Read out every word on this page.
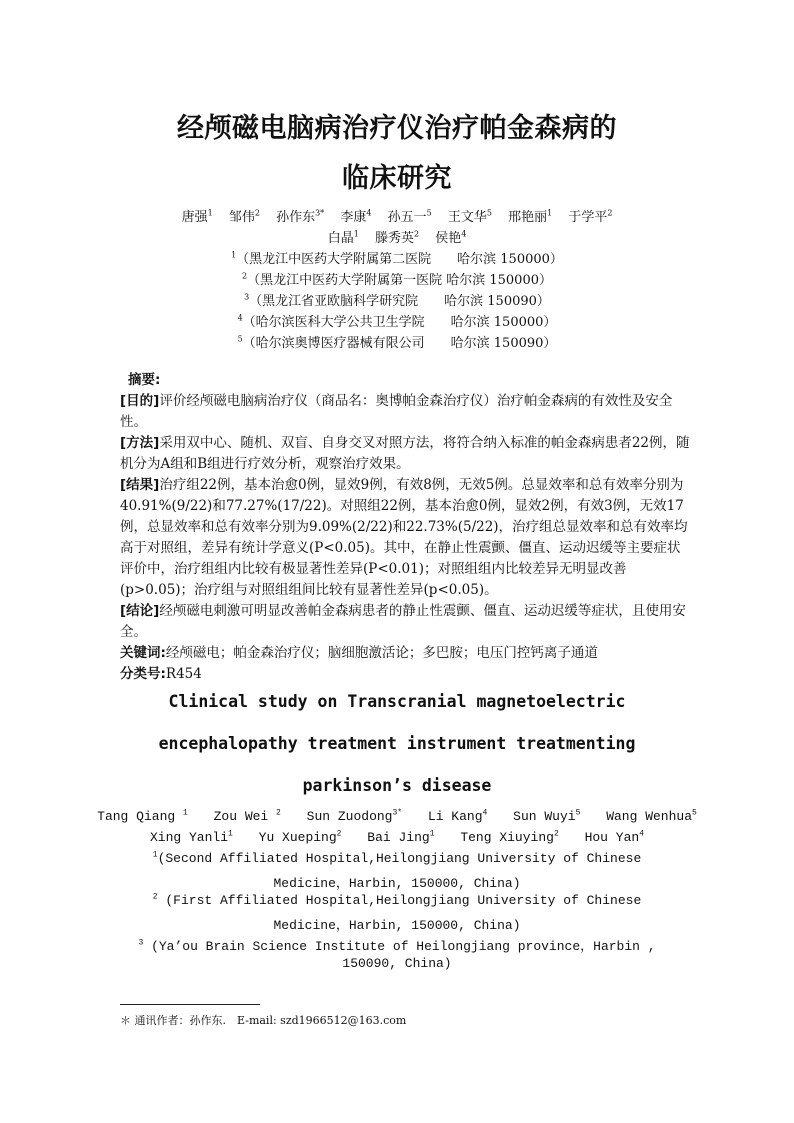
经颅磁电脑病治疗仪治疗帕金森病的
临床研究
唐强$^1$ 邹伟$^2$ 孙作东$^{3*}$ 李康$^4$ 孙五一$^5$ 王文华$^5$ 邢艳丽$^1$ 于学平$^2$
白晶$^1$ 滕秀英$^2$ 侯艳$^4$
$^1$（黑龙江中医药大学附属第二医院　　哈尔滨 150000）
$^2$（黑龙江中医药大学附属第一医院 哈尔滨 150000）
$^3$（黑龙江省亚欧脑科学研究院　　哈尔滨 150090）
$^4$（哈尔滨医科大学公共卫生学院　　哈尔滨 150000）
$^5$（哈尔滨奥博医疗器械有限公司　　哈尔滨 150090）

摘要:

[目的]评价经颅磁电脑病治疗仪（商品名：奥博帕金森治疗仪）治疗帕金森病的有效性及安全性。

[方法]采用双中心、随机、双盲、自身交叉对照方法，将符合纳入标准的帕金森病患者22例，随机分为A组和B组进行疗效分析，观察治疗效果。

[结果]治疗组22例，基本治愈0例，显效9例，有效8例，无效5例。总显效率和总有效率分别为40.91%(9/22)和77.27%(17/22)。对照组22例，基本治愈0例，显效2例，有效3例，无效17例，总显效率和总有效率分别为9.09%(2/22)和22.73%(5/22)，治疗组总显效率和总有效率均高于对照组，差异有统计学意义(P<0.05)。其中，在静止性震颤、僵直、运动迟缓等主要症状评价中，治疗组组内比较有极显著性差异(P<0.01)；对照组组内比较差异无明显改善(p>0.05)；治疗组与对照组组间比较有显著性差异(p<0.05)。

[结论]经颅磁电刺激可明显改善帕金森病患者的静止性震颤、僵直、运动迟缓等症状，且使用安全。

关键词:经颅磁电；帕金森治疗仪；脑细胞激活论；多巴胺；电压门控钙离子通道

分类号:R454

Clinical study on Transcranial magnetoelectric
encephalopathy treatment instrument treatmenting
parkinson’s disease
Tang Qiang $^1$ Zou Wei $^2$ Sun Zuodong$^{3*}$ Li Kang$^4$ Sun Wuyi$^5$ Wang Wenhua$^5$
Xing Yanli$^1$ Yu Xueping$^2$ Bai Jing$^1$ Teng Xiuying$^2$ Hou Yan$^4$
$^1$(Second Affiliated Hospital,Heilongjiang University of Chinese
Medicine，Harbin, 150000, China)
$^2$ (First Affiliated Hospital,Heilongjiang University of Chinese
Medicine，Harbin, 150000, China)
$^3$ (Ya’ou Brain Science Institute of Heilongjiang province，Harbin ,
150090, China)
＊ 通讯作者：孙作东.　E-mail: szd1966512@163.com
